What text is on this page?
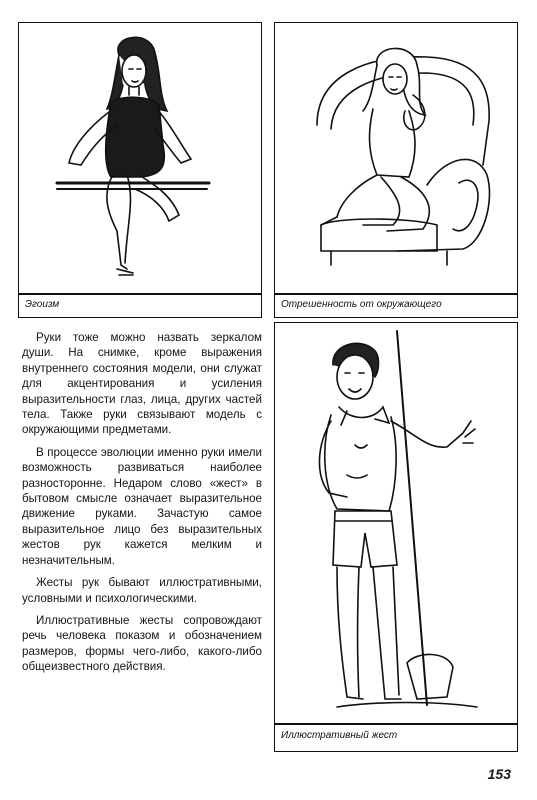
Эгоизм	Отрешенность от окружающего
Иллюстративный жест

Руки тоже можно назвать зеркалом души. На снимке, кроме выражения внутреннего состояния модели, они служат для акцентирования и усиления выразительности глаз, лица, других частей тела. Также руки связывают модель с окружающими предметами.

В процессе эволюции именно руки имели возможность развиваться наиболее разносторонне. Недаром слово «жест» в бытовом смысле означает выразительное движение руками. Зачастую самое выразительное лицо без выразительных жестов рук кажется мелким и незначительным.

Жесты рук бывают иллюстративными, условными и психологическими.

Иллюстративные жесты сопровождают речь человека показом и обозначением размеров, формы чего-либо, какого-либо общеизвестного действия.

153
